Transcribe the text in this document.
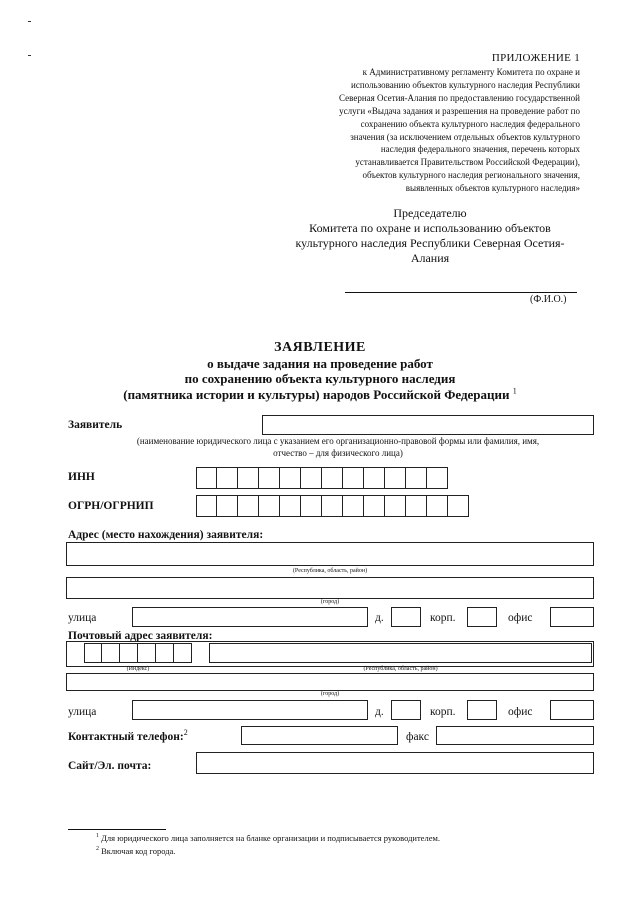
ПРИЛОЖЕНИЕ 1
к Административному регламенту Комитета по охране и
использованию объектов культурного наследия Республики
Северная Осетия-Алания по предоставлению государственной
услуги «Выдача задания и разрешения на проведение работ по
сохранению объекта культурного наследия федерального
значения (за исключением отдельных объектов культурного
наследия федерального значения, перечень которых
устанавливается Правительством Российской Федерации),
объектов культурного наследия регионального значения,
выявленных объектов культурного наследия»
Председателю
Комитета по охране и использованию объектов
культурного наследия Республики Северная Осетия-
Алания
(Ф.И.О.)
ЗАЯВЛЕНИЕ
о выдаче задания на проведение работ
по сохранению объекта культурного наследия
(памятника истории и культуры) народов Российской Федерации $^1$
Заявитель
(наименование юридического лица с указанием его организационно-правовой формы или фамилия, имя,
отчество – для физического лица)
ИНН
ОГРН/ОГРНИП
Адрес (место нахождения) заявителя:
(Республика, область, район)
(город)
улица	д.	корп.	офис
Почтовый адрес заявителя:
(Индекс)	(Республика, область, район)
(город)
улица	д.	корп.	офис
Контактный телефон:$^2$	факс
Сайт/Эл. почта:
$^1$ Для юридического лица заполняется на бланке организации и подписывается руководителем.
$^2$ Включая код города.
